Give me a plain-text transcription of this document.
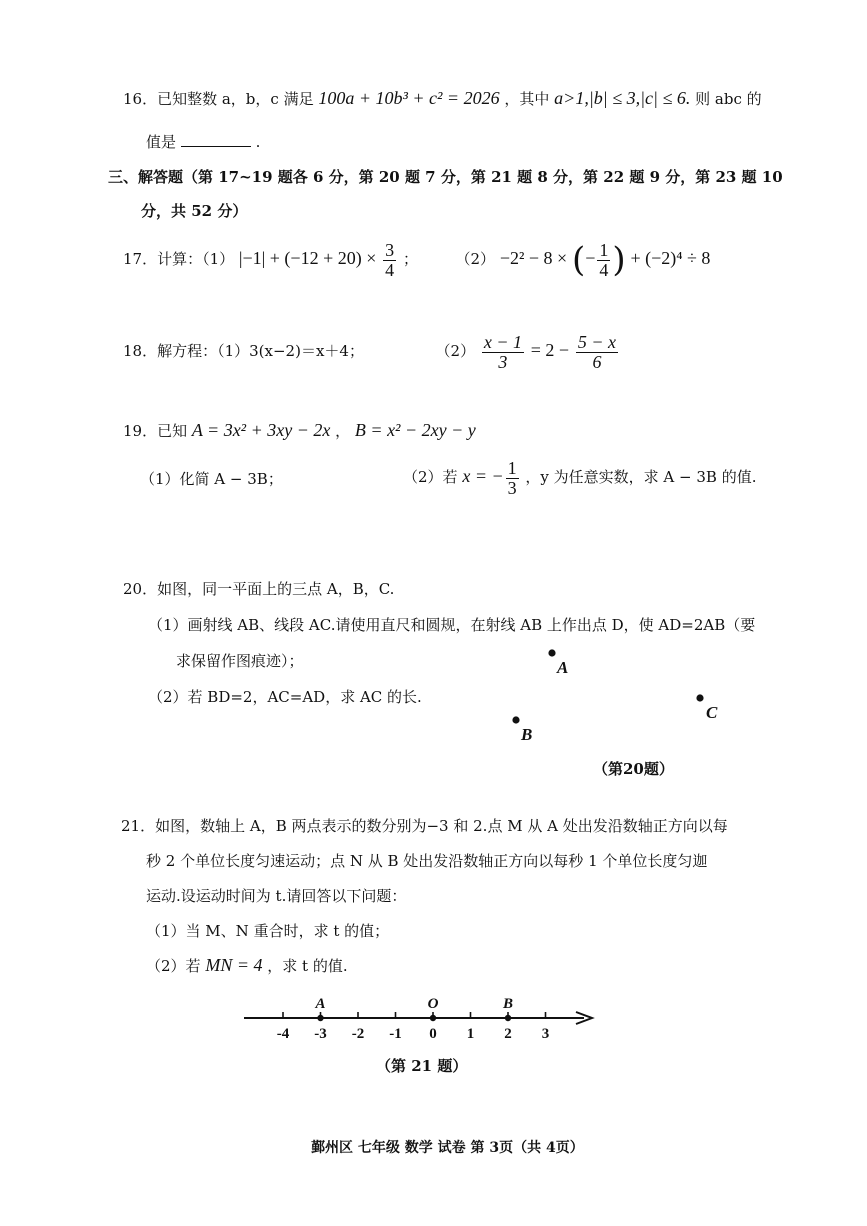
16．已知整数 a，b，c 满足 100a + 10b³ + c² = 2026 ，其中 a>1,|b| ≤ 3,|c| ≤ 6. 则 abc 的
值是	.
三、解答题（第 17~19 题各 6 分，第 20 题 7 分，第 21 题 8 分，第 22 题 9 分，第 23 题 10
分，共 52 分）
17．计算：（1） $|-1| + (-12 + 20) \times \frac{3}{4}$ ；	（2） −2² − 8 × (− $\frac{1}{4}$ ) + (−2)⁴ ÷ 8
18．解方程：（1）3(x−2)＝x＋4；	$(2) \frac{x - 1}{3} = 2 - \frac{5 - x}{6}$
19．已知 A = 3x² + 3xy − 2x ， B = x² − 2xy − y
（1）化简 A − 3B；	（2）若 x = − $\frac{1}{3}$ ，y 为任意实数，求 A − 3B 的值.
20．如图，同一平面上的三点 A，B，C.
（1）画射线 AB、线段 AC.请使用直尺和圆规，在射线 AB 上作出点 D，使 AD=2AB（要
求保留作图痕迹）；
（2）若 BD=2，AC=AD，求 AC 的长.
A
B
C
（第20题）
21．如图，数轴上 A，B 两点表示的数分别为−3 和 2.点 M 从 A 处出发沿数轴正方向以每
秒 2 个单位长度匀速运动；点 N 从 B 处出发沿数轴正方向以每秒 1 个单位长度匀迦
运动.设运动时间为 t.请回答以下问题：
（1）当 M、N 重合时，求 t 的值；
（2）若 MN = 4 ，求 t 的值.
-4 -3 -2 -1 0 1 2 3
A	O	B
（第 21 题）
鄞州区 七年级 数学 试卷 第 3页（共 4页）
